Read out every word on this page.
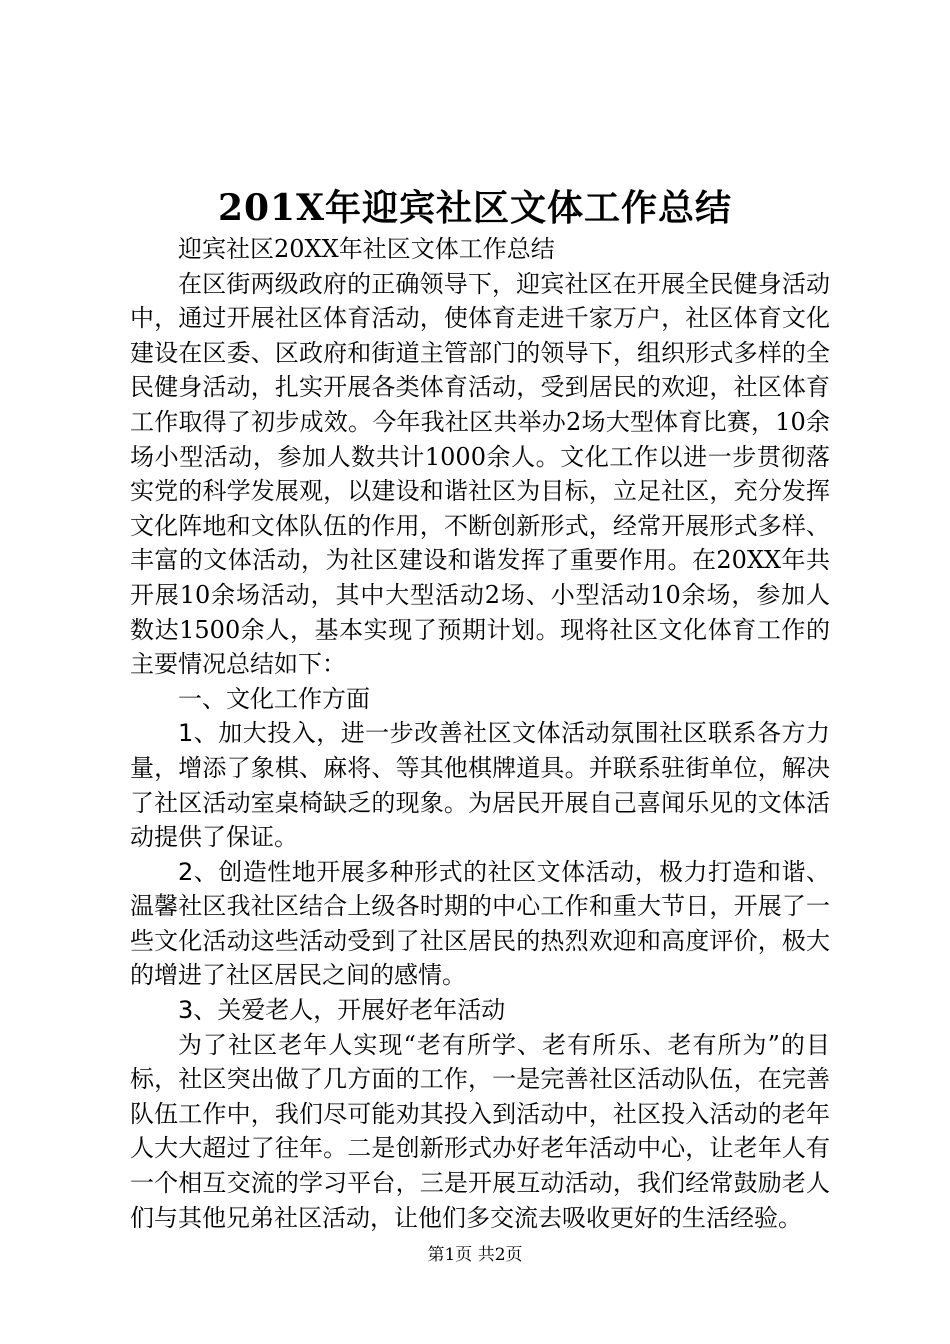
201X年迎宾社区文体工作总结

迎宾社区20XX年社区文体工作总结

在区街两级政府的正确领导下，迎宾社区在开展全民健身活动中，通过开展社区体育活动，使体育走进千家万户，社区体育文化建设在区委、区政府和街道主管部门的领导下，组织形式多样的全民健身活动，扎实开展各类体育活动，受到居民的欢迎，社区体育工作取得了初步成效。今年我社区共举办2场大型体育比赛，10余场小型活动，参加人数共计1000余人。文化工作以进一步贯彻落实党的科学发展观，以建设和谐社区为目标，立足社区，充分发挥文化阵地和文体队伍的作用，不断创新形式，经常开展形式多样、丰富的文体活动，为社区建设和谐发挥了重要作用。在20XX年共开展10余场活动，其中大型活动2场、小型活动10余场，参加人数达1500余人，基本实现了预期计划。现将社区文化体育工作的主要情况总结如下：

一、文化工作方面

1、加大投入，进一步改善社区文体活动氛围社区联系各方力量，增添了象棋、麻将、等其他棋牌道具。并联系驻街单位，解决了社区活动室桌椅缺乏的现象。为居民开展自己喜闻乐见的文体活动提供了保证。

2、创造性地开展多种形式的社区文体活动，极力打造和谐、温馨社区我社区结合上级各时期的中心工作和重大节日，开展了一些文化活动这些活动受到了社区居民的热烈欢迎和高度评价，极大的增进了社区居民之间的感情。

3、关爱老人，开展好老年活动

为了社区老年人实现“老有所学、老有所乐、老有所为”的目标，社区突出做了几方面的工作，一是完善社区活动队伍，在完善队伍工作中，我们尽可能劝其投入到活动中，社区投入活动的老年人大大超过了往年。二是创新形式办好老年活动中心，让老年人有一个相互交流的学习平台，三是开展互动活动，我们经常鼓励老人们与其他兄弟社区活动，让他们多交流去吸收更好的生活经验。

第1页 共2页
